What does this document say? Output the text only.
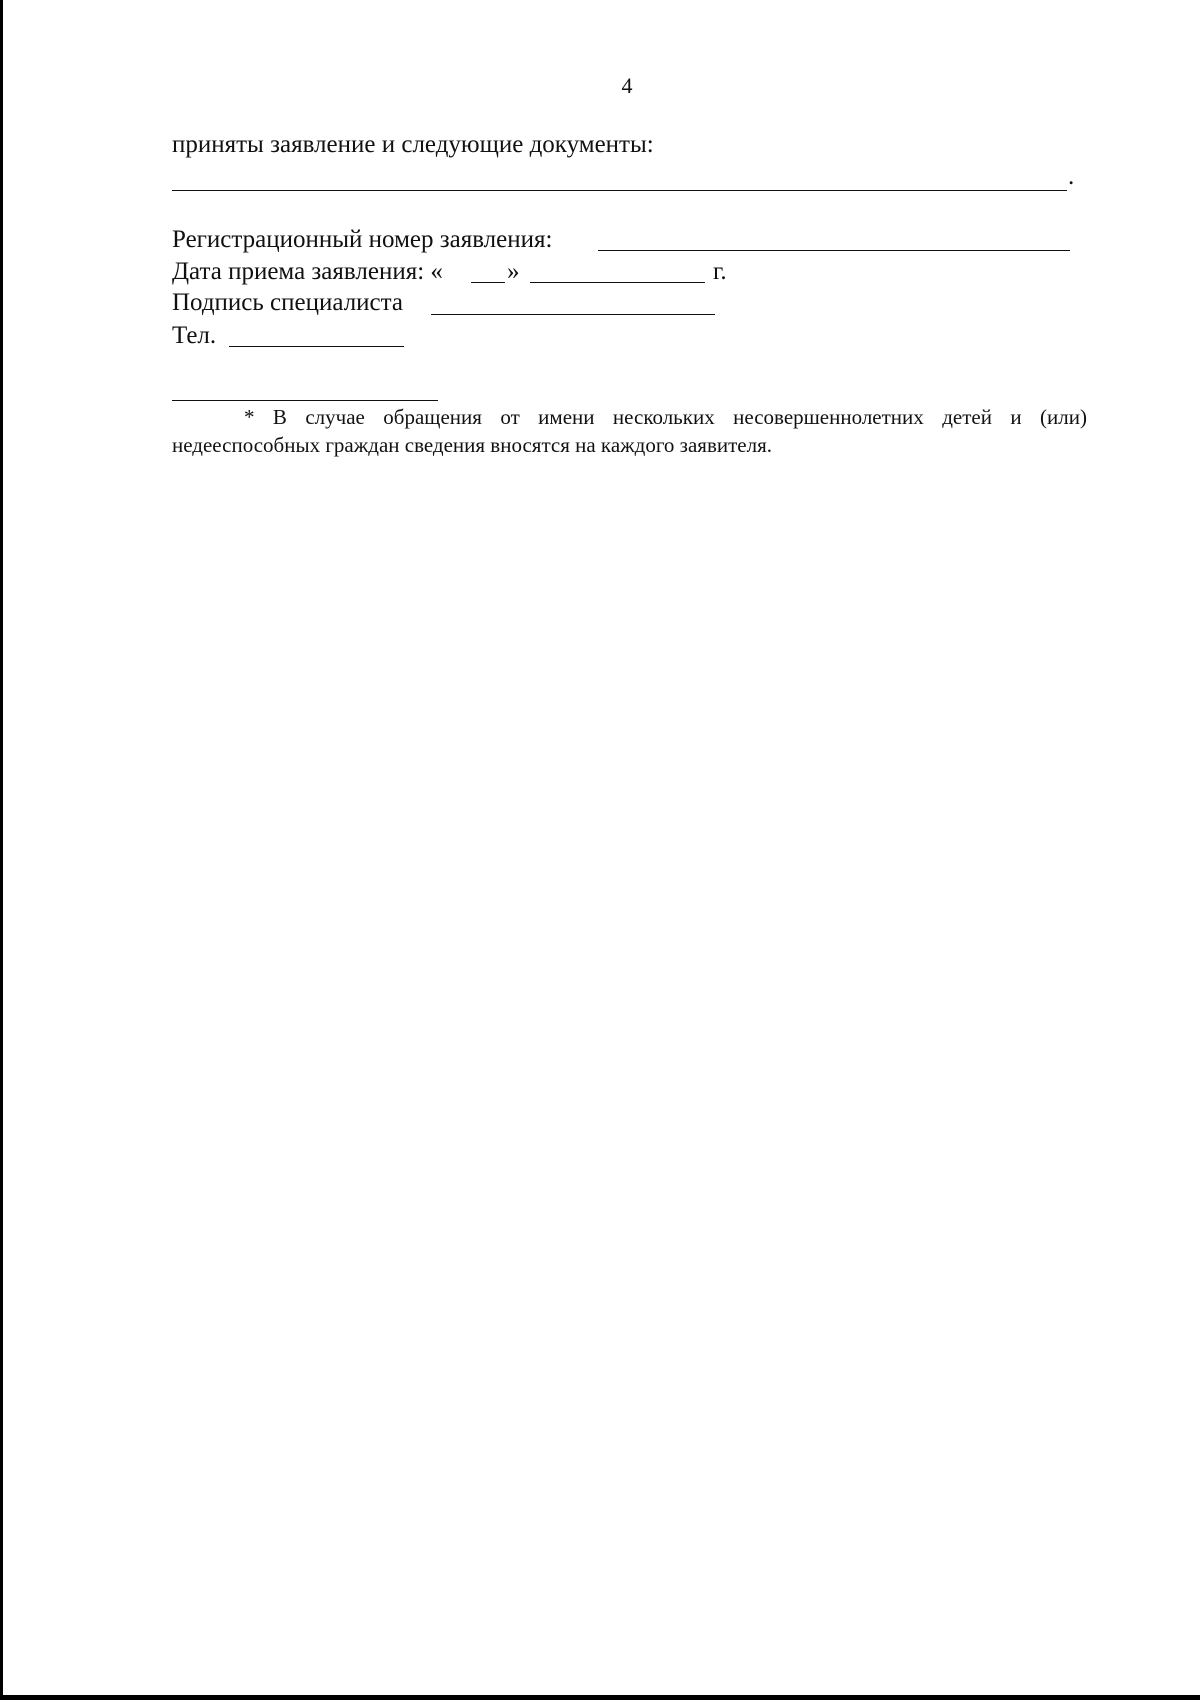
4
приняты заявление и следующие документы:
.
Регистрационный номер заявления:
Дата приема заявления: «	»	г.
Подпись специалиста
Тел.
* В случае обращения от имени нескольких несовершеннолетних детей и (или) недееспособных граждан сведения вносятся на каждого заявителя.
